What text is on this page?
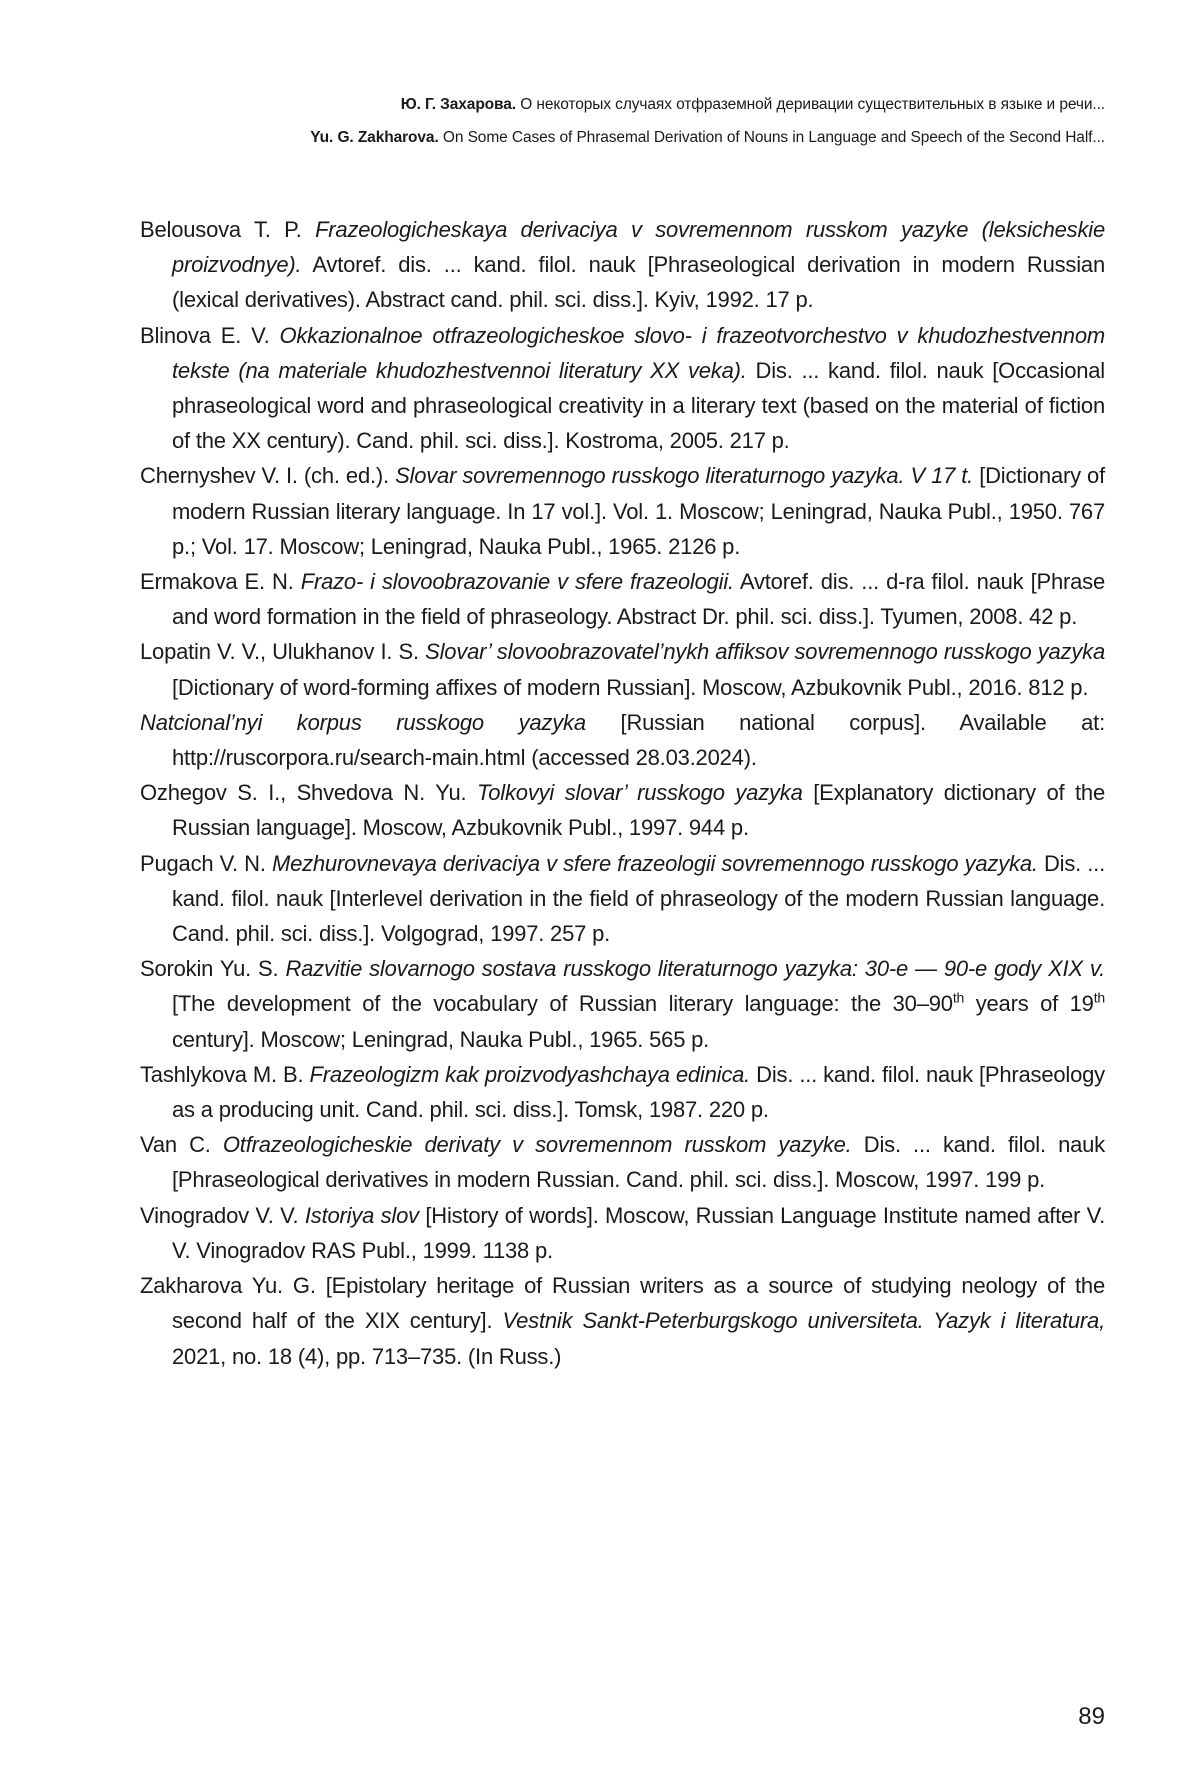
Ю. Г. Захарова. О некоторых случаях отфраземной деривации существительных в языке и речи...
Yu. G. Zakharova. On Some Cases of Phrasemal Derivation of Nouns in Language and Speech of the Second Half...

Belousova T. P. Frazeologicheskaya derivaciya v sovremennom russkom yazyke (leksicheskie proizvodnye). Avtoref. dis. ... kand. filol. nauk [Phraseological derivation in modern Russian (lexical derivatives). Abstract cand. phil. sci. diss.]. Kyiv, 1992. 17 p.

Blinova E. V. Okkazionalnoe otfrazeologicheskoe slovo- i frazeotvorchestvo v khudozhestvennom tekste (na materiale khudozhestvennoi literatury XX veka). Dis. ... kand. filol. nauk [Occasional phraseological word and phraseological creativity in a literary text (based on the material of fiction of the XX century). Cand. phil. sci. diss.]. Kostroma, 2005. 217 p.

Chernyshev V. I. (ch. ed.). Slovar sovremennogo russkogo literaturnogo yazyka. V 17 t. [Dictionary of modern Russian literary language. In 17 vol.]. Vol. 1. Moscow; Leningrad, Nauka Publ., 1950. 767 p.; Vol. 17. Moscow; Leningrad, Nauka Publ., 1965. 2126 p.

Ermakova E. N. Frazo- i slovoobrazovanie v sfere frazeologii. Avtoref. dis. ... d-ra filol. nauk [Phrase and word formation in the field of phraseology. Abstract Dr. phil. sci. diss.]. Tyumen, 2008. 42 p.

Lopatin V. V., Ulukhanov I. S. Slovar’ slovoobrazovatel’nykh affiksov sovremennogo russkogo yazyka [Dictionary of word-forming affixes of modern Russian]. Moscow, Azbukovnik Publ., 2016. 812 p.

Natcional’nyi korpus russkogo yazyka [Russian national corpus]. Available at: http://ruscorpora.ru/search-main.html (accessed 28.03.2024).

Ozhegov S. I., Shvedova N. Yu. Tolkovyi slovar’ russkogo yazyka [Explanatory dictionary of the Russian language]. Moscow, Azbukovnik Publ., 1997. 944 p.

Pugach V. N. Mezhurovnevaya derivaciya v sfere frazeologii sovremennogo russkogo yazyka. Dis. ... kand. filol. nauk [Interlevel derivation in the field of phraseology of the modern Russian language. Cand. phil. sci. diss.]. Volgograd, 1997. 257 p.

Sorokin Yu. S. Razvitie slovarnogo sostava russkogo literaturnogo yazyka: 30-e — 90-e gody XIX v. [The development of the vocabulary of Russian literary language: the 30–90th years of 19th century]. Moscow; Leningrad, Nauka Publ., 1965. 565 p.

Tashlykova M. B. Frazeologizm kak proizvodyashchaya edinica. Dis. ... kand. filol. nauk [Phraseology as a producing unit. Cand. phil. sci. diss.]. Tomsk, 1987. 220 p.

Van C. Otfrazeologicheskie derivaty v sovremennom russkom yazyke. Dis. ... kand. filol. nauk [Phraseological derivatives in modern Russian. Cand. phil. sci. diss.]. Moscow, 1997. 199 p.

Vinogradov V. V. Istoriya slov [History of words]. Moscow, Russian Language Institute named after V. V. Vinogradov RAS Publ., 1999. 1138 p.

Zakharova Yu. G. [Epistolary heritage of Russian writers as a source of studying neology of the second half of the XIX century]. Vestnik Sankt-Peterburgskogo universiteta. Yazyk i literatura, 2021, no. 18 (4), pp. 713–735. (In Russ.)

89
